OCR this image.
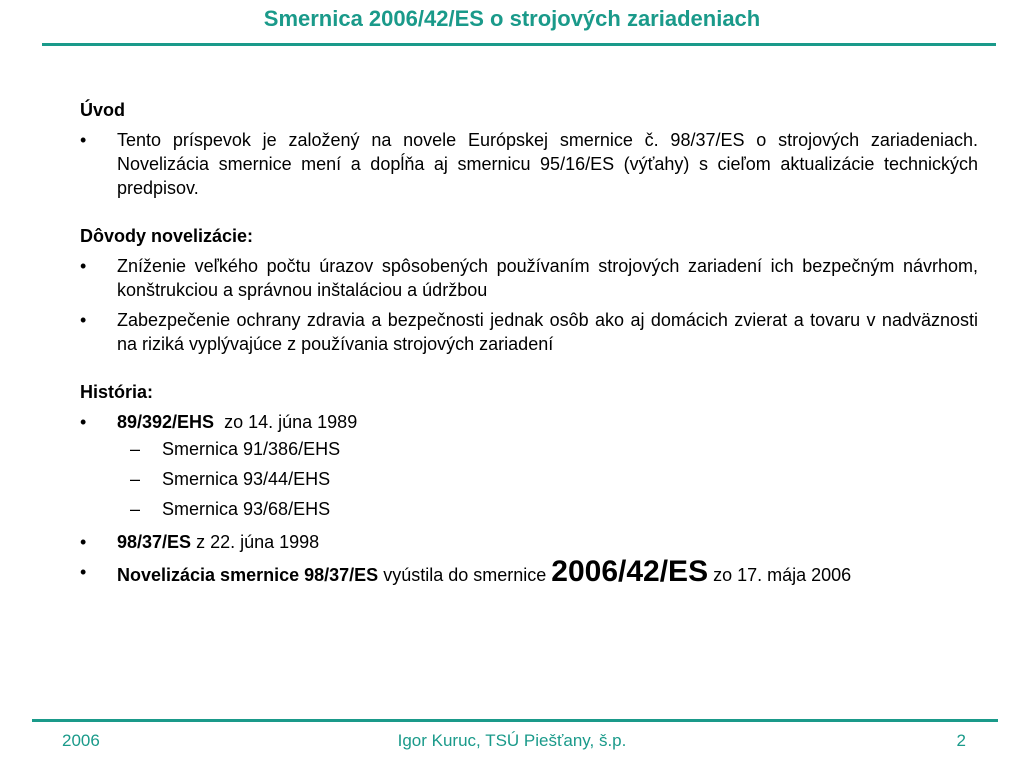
Smernica 2006/42/ES o strojových zariadeniach

Úvod

• Tento príspevok je založený na novele Európskej smernice č. 98/37/ES o strojových zariadeniach. Novelizácia smernice mení a dopĺňa aj smernicu 95/16/ES (výťahy) s cieľom aktualizácie technických predpisov.

Dôvody novelizácie:

• Zníženie veľkého počtu úrazov spôsobených používaním strojových zariadení ich bezpečným návrhom, konštrukciou a správnou inštaláciou a údržbou

• Zabezpečenie ochrany zdravia a bezpečnosti jednak osôb ako aj domácich zvierat a tovaru v nadväznosti na riziká vyplývajúce z používania strojových zariadení

História:

• 89/392/EHS zo 14. júna 1989

– Smernica 91/386/EHS

– Smernica 93/44/EHS

– Smernica 93/68/EHS

• 98/37/ES z 22. júna 1998

• Novelizácia smernice 98/37/ES vyústila do smernice 2006/42/ES zo 17. mája 2006

2006	Igor Kuruc, TSÚ Piešťany, š.p.	2
